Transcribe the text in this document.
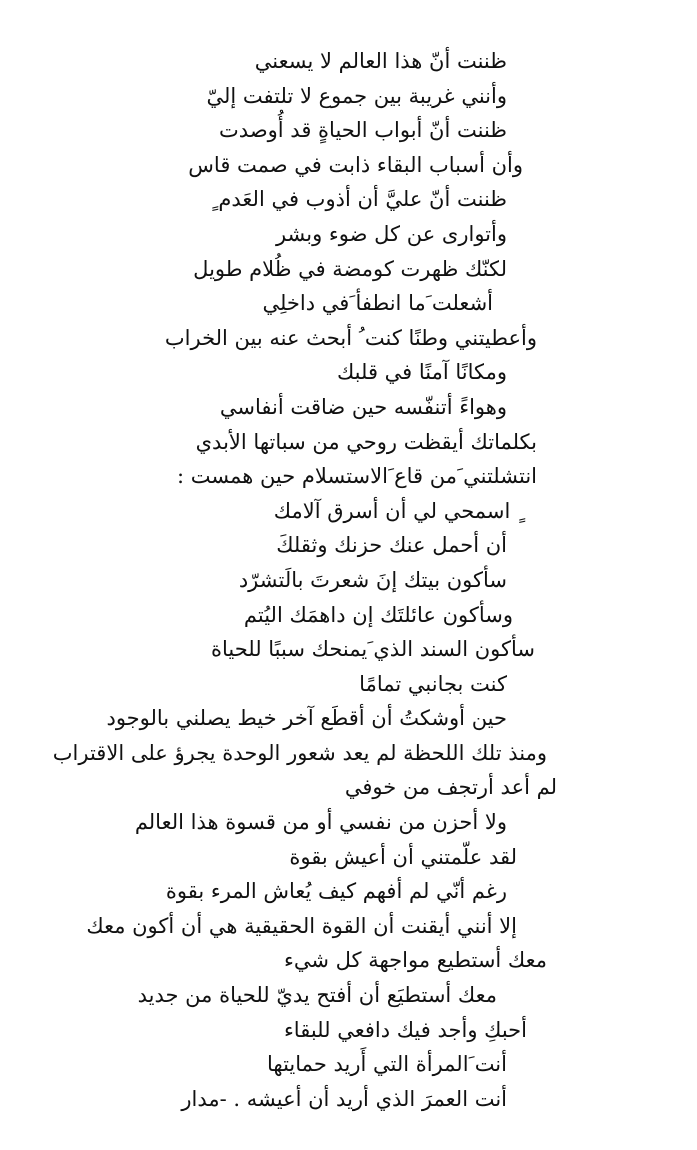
ظننت أنّ هذا العالم لا يسعني
وأنني غريبة بين جموع لا تلتفت إليّ
ظننت أنّ أبواب الحياةٍ قد أُوصدت
وأن أسباب البقاء ذابت في صمت قاس
ظننت أنّ عليَّ أن أذوب في العَدم ٍ
وأتوارى عن كل ضوء وبشر
لكنّك ظهرت كومضة في ظُلام طويل
أشعلت َما انطفأ َفي داخلِي
وأعطيتني وطنًا كنت ُ أبحث عنه بين الخراب
ومكانًا آمنًا في قلبك
وهواءً أتنفّسه حين ضاقت أنفاسي
بكلماتك أيقظت روحي من سباتها الأبدي
انتشلتني َمن قاع َالاستسلام حين همست :
ٍ اسمحي لي أن أسرق آلامك
أن أحمل عنك حزنك وثقلكَ
سأكون بيتك إنَ شعرتَ بالَتشرّد
وسأكون عائلتَك إن داهمَك اليُتم
سأكون السند الذي َيمنحك سببًا للحياة
كنت بجانبي تمامًا
حين أوشكتُ أن أقطَع آخر خيط يصلني بالوجود
ومنذ تلك اللحظة لم يعد شعور الوحدة يجرؤ على الاقتراب
لم أعد أرتجف من خوفي
ولا أحزن من نفسي أو من قسوة هذا العالم
لقد علّمتني أن أعيش بقوة
رغم أنّي لم أفهم كيف يُعاش المرء بقوة
إلا أنني أيقنت أن القوة الحقيقية هي أن أكون معك
معك أستطيع مواجهة كل شيء
معك أستطيَع أن أفتح يديّ للحياة من جديد
أحبكِ وأجد فيك دافعي للبقاء
أنت َالمرأة التي أَريد حمايتها
أنت العمرَ الذي أريد أن أعيشه . -مدار
